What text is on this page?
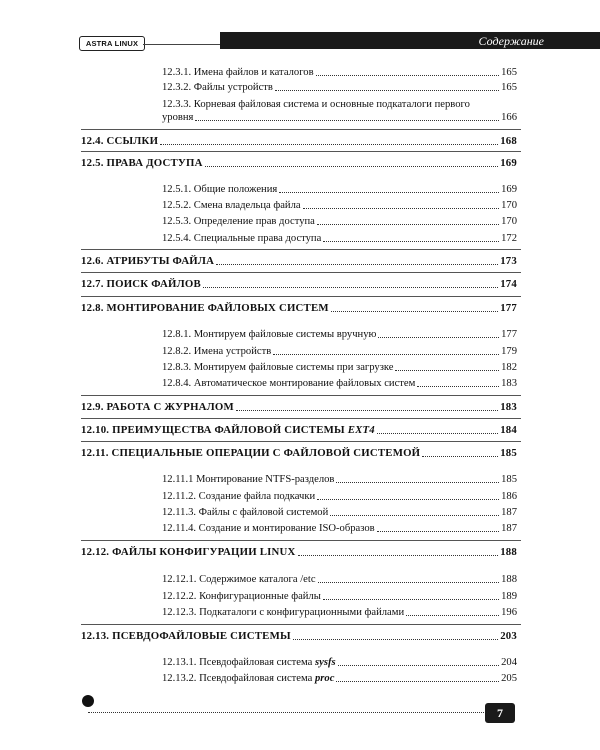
ASTRA LINUX	Содержание
12.3.1. Имена файлов и каталогов	165
12.3.2. Файлы устройств	165
12.3.3. Корневая файловая система и основные подкаталоги первого
уровня	166
12.4. ССЫЛКИ	168
12.5. ПРАВА ДОСТУПА	169
12.5.1. Общие положения	169
12.5.2. Смена владельца файла	170
12.5.3. Определение прав доступа	170
12.5.4. Специальные права доступа	172
12.6. АТРИБУТЫ ФАЙЛА	173
12.7. ПОИСК ФАЙЛОВ	174
12.8. МОНТИРОВАНИЕ ФАЙЛОВЫХ СИСТЕМ	177
12.8.1. Монтируем файловые системы вручную	177
12.8.2. Имена устройств	179
12.8.3. Монтируем файловые системы при загрузке	182
12.8.4. Автоматическое монтирование файловых систем	183
12.9. РАБОТА С ЖУРНАЛОМ	183
12.10. ПРЕИМУЩЕСТВА ФАЙЛОВОЙ СИСТЕМЫ EXT4	184
12.11. СПЕЦИАЛЬНЫЕ ОПЕРАЦИИ С ФАЙЛОВОЙ СИСТЕМОЙ	185
12.11.1 Монтирование NTFS-разделов	185
12.11.2. Создание файла подкачки	186
12.11.3. Файлы с файловой системой	187
12.11.4. Создание и монтирование ISO-образов	187
12.12. ФАЙЛЫ КОНФИГУРАЦИИ LINUX	188
12.12.1. Содержимое каталога /etc	188
12.12.2. Конфигурационные файлы	189
12.12.3. Подкаталоги с конфигурационными файлами	196
12.13. ПСЕВДОФАЙЛОВЫЕ СИСТЕМЫ	203
12.13.1. Псевдофайловая система sysfs	204
12.13.2. Псевдофайловая система proc	205
7
